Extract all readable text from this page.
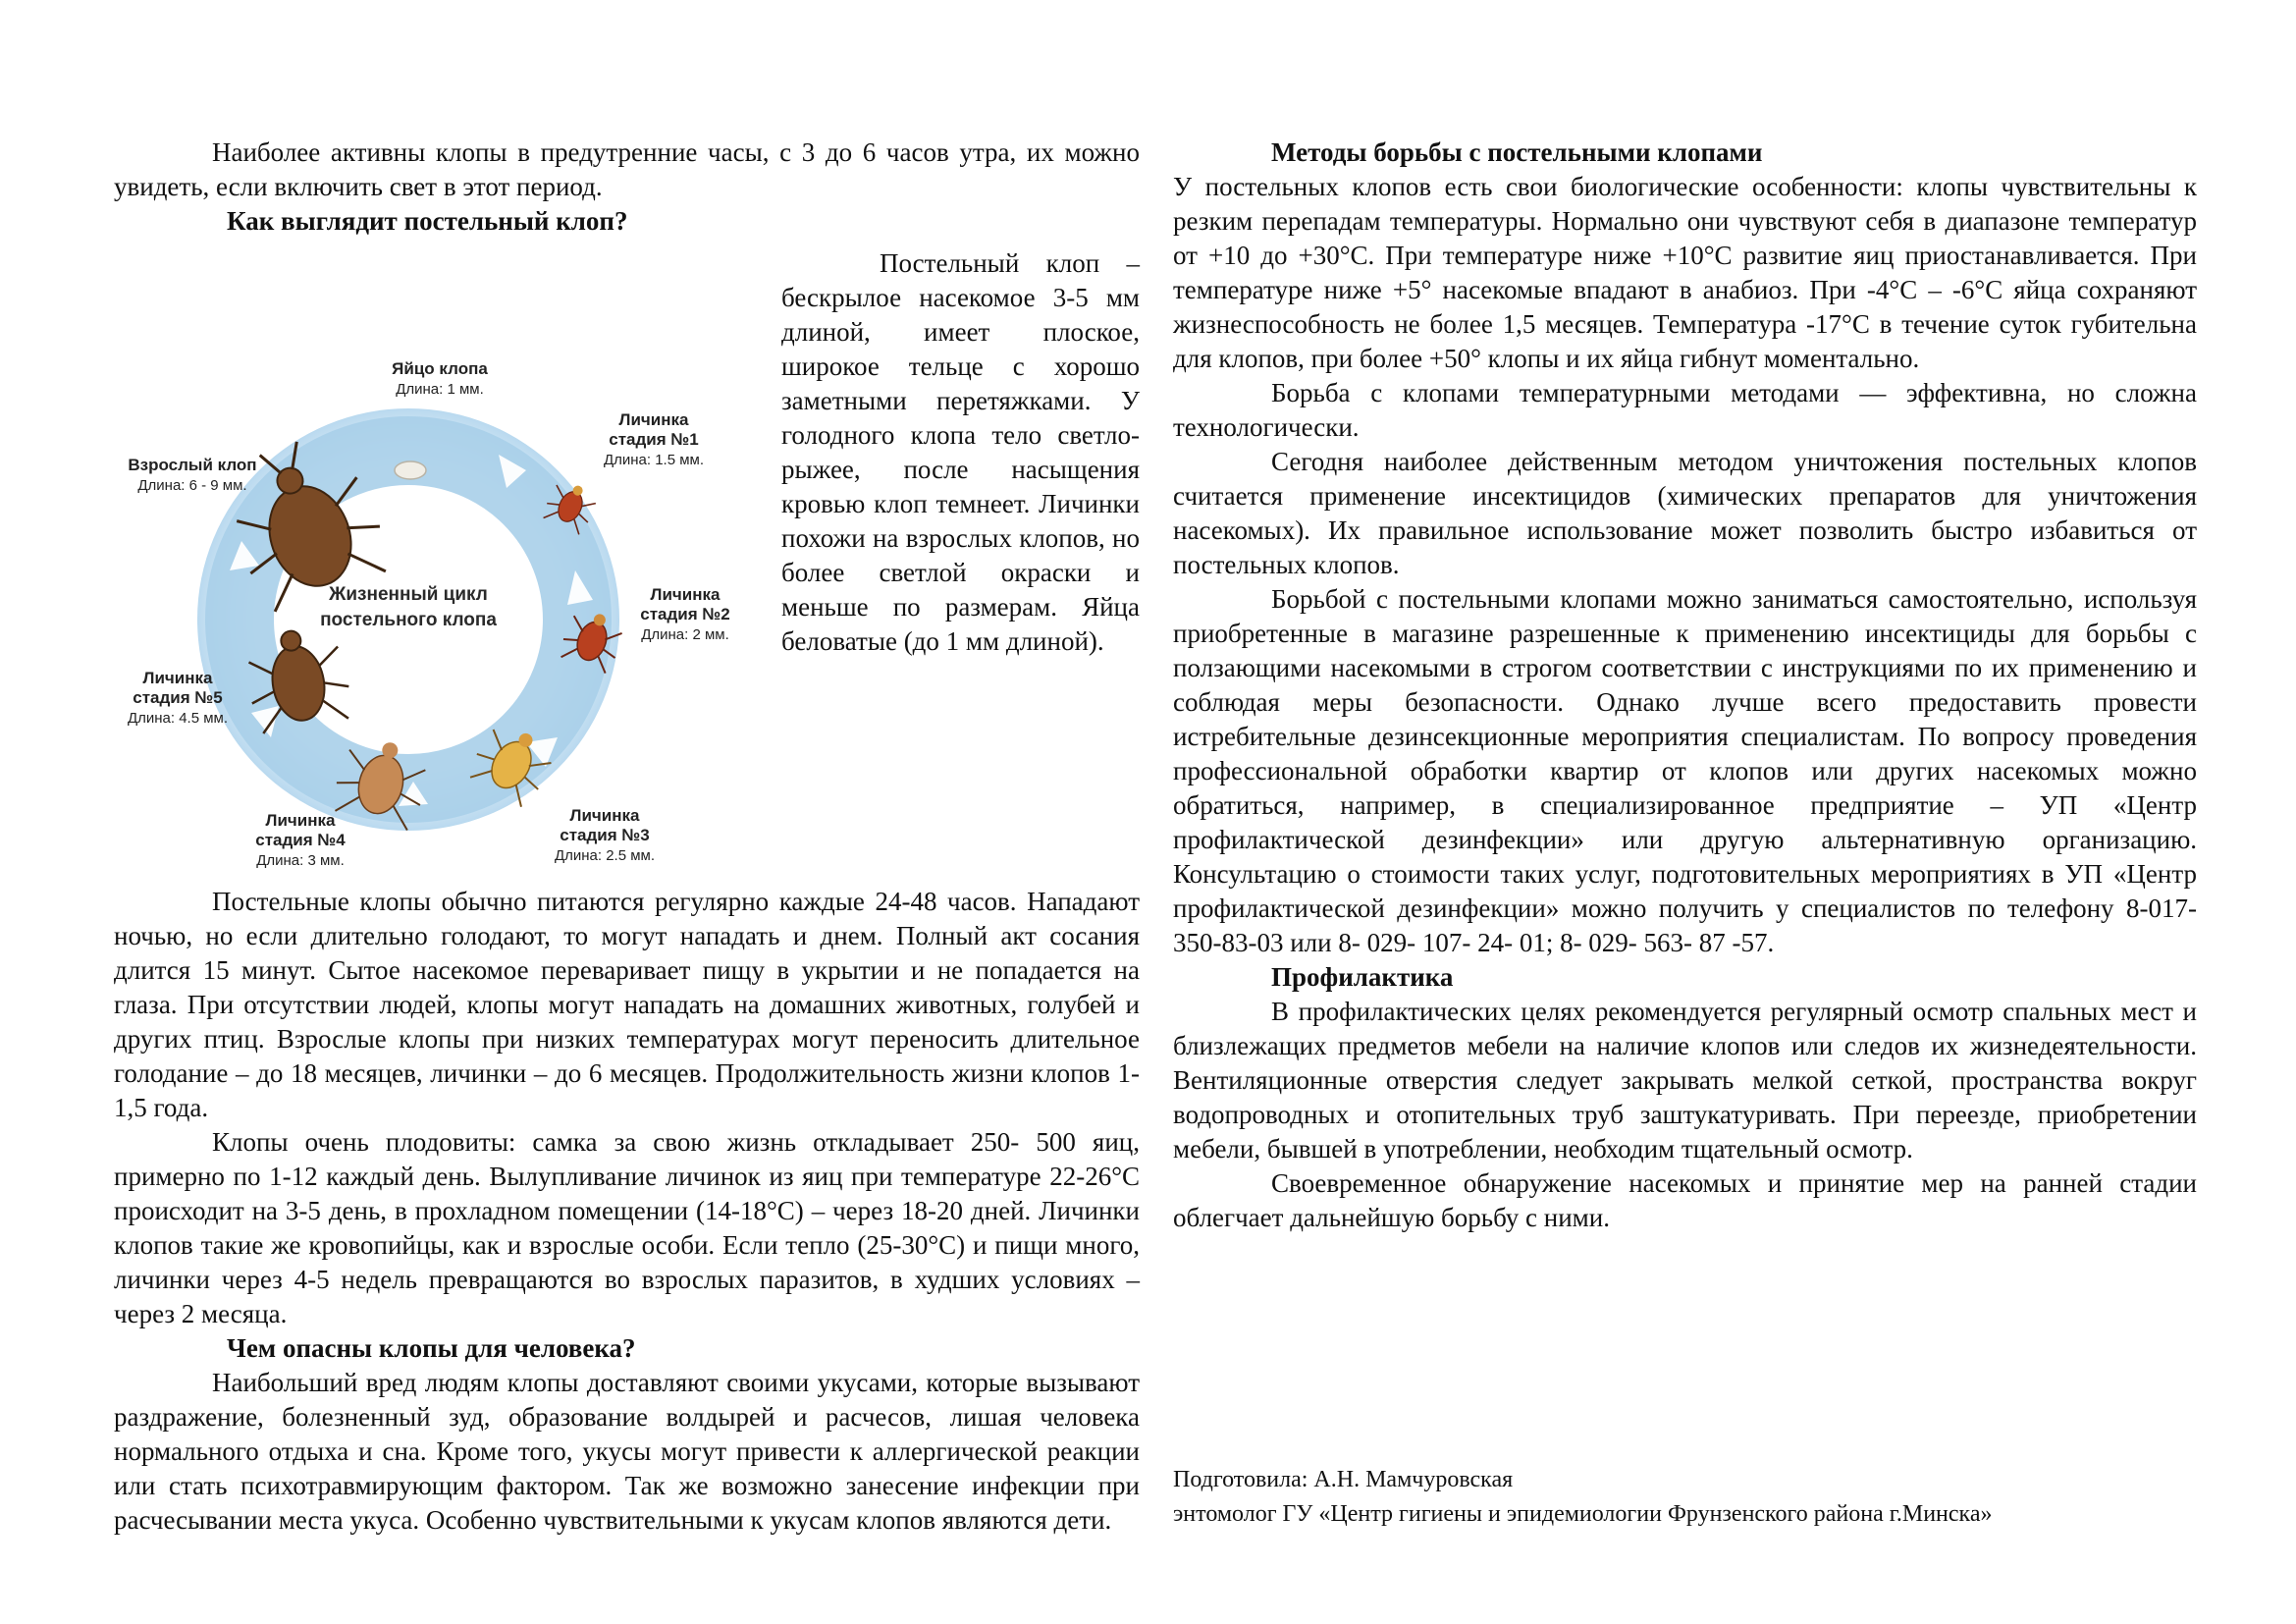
Наиболее активны клопы в предутренние часы, с 3 до 6 часов утра, их можно увидеть, если включить свет в этот период.

Как выглядит постельный клоп?
Жизненный цикл
постельного клопа
Яйцо клопа
Длина: 1 мм.
Личинка
стадия №1
Длина: 1.5 мм.
Личинка
стадия №2
Длина: 2 мм.
Личинка
стадия №3
Длина: 2.5 мм.
Личинка
стадия №4
Длина: 3 мм.
Личинка
стадия №5
Длина: 4.5 мм.
Взрослый клоп
Длина: 6 - 9 мм.

Постельный клоп – бескрылое насекомое 3-5 мм длиной, имеет плоское, широкое тельце с хорошо заметными перетяжками. У голодного клопа тело светло-рыжее, после насыщения кровью клоп темнеет. Личинки похожи на взрослых клопов, но более светлой окраски и меньше по размерам. Яйца беловатые (до 1 мм длиной).

Постельные клопы обычно питаются регулярно каждые 24-48 часов. Нападают ночью, но если длительно голодают, то могут нападать и днем. Полный акт сосания длится 15 минут. Сытое насекомое переваривает пищу в укрытии и не попадается на глаза. При отсутствии людей, клопы могут нападать на домашних животных, голубей и других птиц. Взрослые клопы при низких температурах могут переносить длительное голодание – до 18 месяцев, личинки – до 6 месяцев. Продолжительность жизни клопов 1-1,5 года.

Клопы очень плодовиты: самка за свою жизнь откладывает 250- 500 яиц, примерно по 1-12 каждый день. Вылупливание личинок из яиц при температуре 22-26°С происходит на 3-5 день, в прохладном помещении (14-18°С) – через 18-20 дней. Личинки клопов такие же кровопийцы, как и взрослые особи. Если тепло (25-30°С) и пищи много, личинки через 4-5 недель превращаются во взрослых паразитов, в худших условиях – через 2 месяца.

Чем опасны клопы для человека?

Наибольший вред людям клопы доставляют своими укусами, которые вызывают раздражение, болезненный зуд, образование волдырей и расчесов, лишая человека нормального отдыха и сна. Кроме того, укусы могут привести к аллергической реакции или стать психотравмирующим фактором. Так же возможно занесение инфекции при расчесывании места укуса. Особенно чувствительными к укусам клопов являются дети.

Методы борьбы с постельными клопами

У постельных клопов есть свои биологические особенности: клопы чувствительны к резким перепадам температуры. Нормально они чувствуют себя в диапазоне температур от +10 до +30°С. При температуре ниже +10°С развитие яиц приостанавливается. При температуре ниже +5° насекомые впадают в анабиоз. При -4°С – -6°С яйца сохраняют жизнеспособность не более 1,5 месяцев. Температура -17°С в течение суток губительна для клопов, при более +50° клопы и их яйца гибнут моментально.

Борьба с клопами температурными методами — эффективна, но сложна технологически.

Сегодня наиболее действенным методом уничтожения постельных клопов считается применение инсектицидов (химических препаратов для уничтожения насекомых). Их правильное использование может позволить быстро избавиться от постельных клопов.

Борьбой с постельными клопами можно заниматься самостоятельно, используя приобретенные в магазине разрешенные к применению инсектициды для борьбы с ползающими насекомыми в строгом соответствии с инструкциями по их применению и соблюдая меры безопасности. Однако лучше всего предоставить провести истребительные дезинсекционные мероприятия специалистам. По вопросу проведения профессиональной обработки квартир от клопов или других насекомых можно обратиться, например, в специализированное предприятие – УП «Центр профилактической дезинфекции» или другую альтернативную организацию. Консультацию о стоимости таких услуг, подготовительных мероприятиях в УП «Центр профилактической дезинфекции» можно получить у специалистов по телефону 8-017-350-83-03 или 8- 029- 107- 24- 01; 8- 029- 563- 87 -57.

Профилактика

В профилактических целях рекомендуется регулярный осмотр спальных мест и близлежащих предметов мебели на наличие клопов или следов их жизнедеятельности. Вентиляционные отверстия следует закрывать мелкой сеткой, пространства вокруг водопроводных и отопительных труб заштукатуривать. При переезде, приобретении мебели, бывшей в употреблении, необходим тщательный осмотр.

Своевременное обнаружение насекомых и принятие мер на ранней стадии облегчает дальнейшую борьбу с ними.

Подготовила: А.Н. Мамчуровская
энтомолог ГУ «Центр гигиены и эпидемиологии Фрунзенского района г.Минска»
